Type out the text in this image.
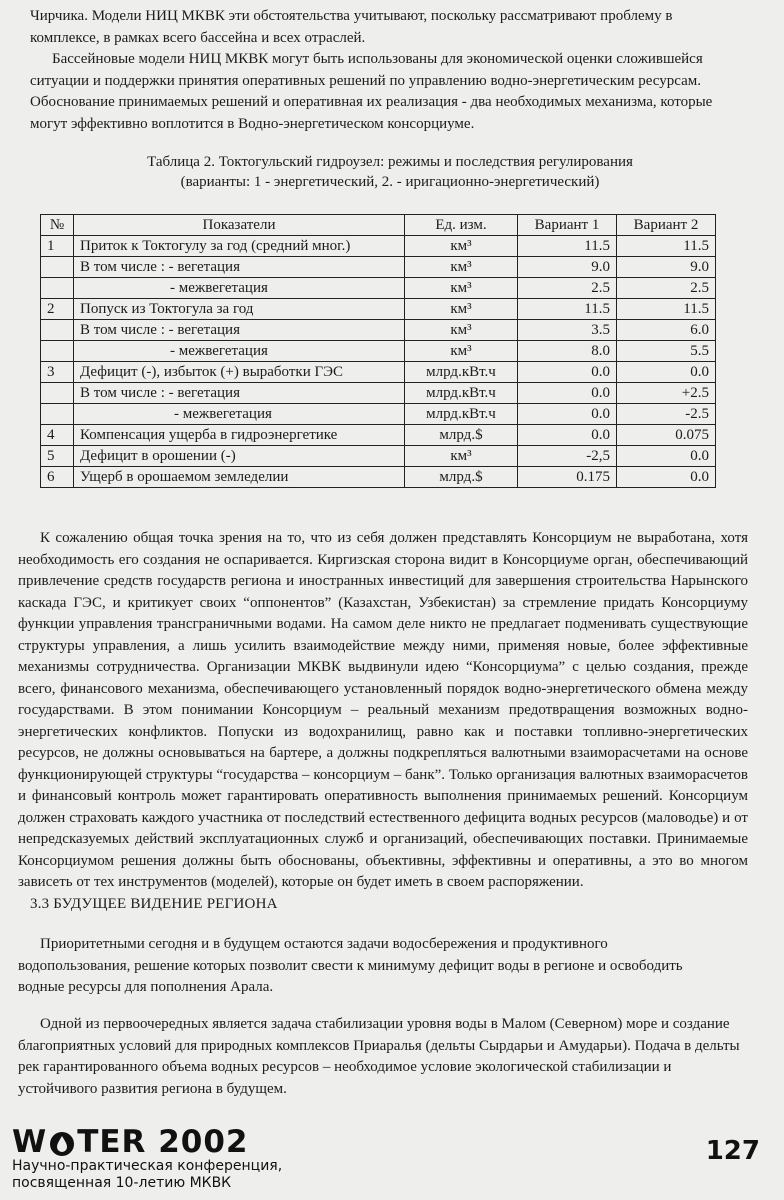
Чирчика. Модели НИЦ МКВК эти обстоятельства учитывают, поскольку рассматривают проблему в комплексе, в рамках всего бассейна и всех отраслей.

Бассейновые модели НИЦ МКВК могут быть использованы для экономической оценки сложившейся ситуации и поддержки принятия оперативных решений по управлению водно-энергетическим ресурсам. Обоснование принимаемых решений и оперативная их реализация - два необходимых механизма, которые могут эффективно воплотится в Водно-энергетическом консорциуме.

Таблица 2. Токтогульский гидроузел: режимы и последствия регулирования

(варианты: 1 - энергетический, 2. - иригационно-энергетический)

№	Показатели	Ед. изм.	Вариант 1	Вариант 2
1	Приток к Токтогулу за год (средний мног.)	км³	11.5	11.5
	В том числе : - вегетация	км³	9.0	9.0
	- межвегетация	км³	2.5	2.5
2	Попуск из Токтогула за год	км³	11.5	11.5
	В том числе : - вегетация	км³	3.5	6.0
	- межвегетация	км³	8.0	5.5
3	Дефицит (-), избыток (+) выработки ГЭС	млрд.кВт.ч	0.0	0.0
	В том числе : - вегетация	млрд.кВт.ч	0.0	+2.5
	- межвегетация	млрд.кВт.ч	0.0	-2.5
4	Компенсация ущерба в гидроэнергетике	млрд.$	0.0	0.075
5	Дефицит в орошении (-)	км³	-2,5	0.0
6	Ущерб в орошаемом земледелии	млрд.$	0.175	0.0

К сожалению общая точка зрения на то, что из себя должен представлять Консорциум не выработана, хотя необходимость его создания не оспаривается. Киргизская сторона видит в Консорциуме орган, обеспечивающий привлечение средств государств региона и иностранных инвестиций для завершения строительства Нарынского каскада ГЭС, и критикует своих “оппонентов” (Казахстан, Узбекистан) за стремление придать Консорциуму функции управления трансграничными водами. На самом деле никто не предлагает подменивать существующие структуры управления, а лишь усилить взаимодействие между ними, применяя новые, более эффективные механизмы сотрудничества. Организации МКВК выдвинули идею “Консорциума” с целью создания, прежде всего, финансового механизма, обеспечивающего установленный порядок водно-энергетического обмена между государствами. В этом понимании Консорциум – реальный механизм предотвращения возможных водно-энергетических конфликтов. Попуски из водохранилищ, равно как и поставки топливно-энергетических ресурсов, не должны основываться на бартере, а должны подкрепляться валютными взаиморасчетами на основе функционирующей структуры “государства – консорциум – банк”. Только организация валютных взаиморасчетов и финансовый контроль может гарантировать оперативность выполнения принимаемых решений. Консорциум должен страховать каждого участника от последствий естественного дефицита водных ресурсов (маловодье) и от непредсказуемых действий эксплуатационных служб и организаций, обеспечивающих поставки. Принимаемые Консорциумом решения должны быть обоснованы, объективны, эффективны и оперативны, а это во многом зависеть от тех инструментов (моделей), которые он будет иметь в своем распоряжении.

3.3 БУДУЩЕЕ ВИДЕНИЕ РЕГИОНА

Приоритетными сегодня и в будущем остаются задачи водосбережения и продуктивного водопользования, решение которых позволит свести к минимуму дефицит воды в регионе и освободить водные ресурсы для пополнения Арала.

Одной из первоочередных является задача стабилизации уровня воды в Малом (Северном) море и создание благоприятных условий для природных комплексов Приаралья (дельты Сырдарьи и Амударьи). Подача в дельты рек гарантированного объема водных ресурсов – необходимое условие экологической стабилизации и устойчивого развития региона в будущем.

W TER 2002
Научно-практическая конференция,
посвященная 10-летию МКВК
127
